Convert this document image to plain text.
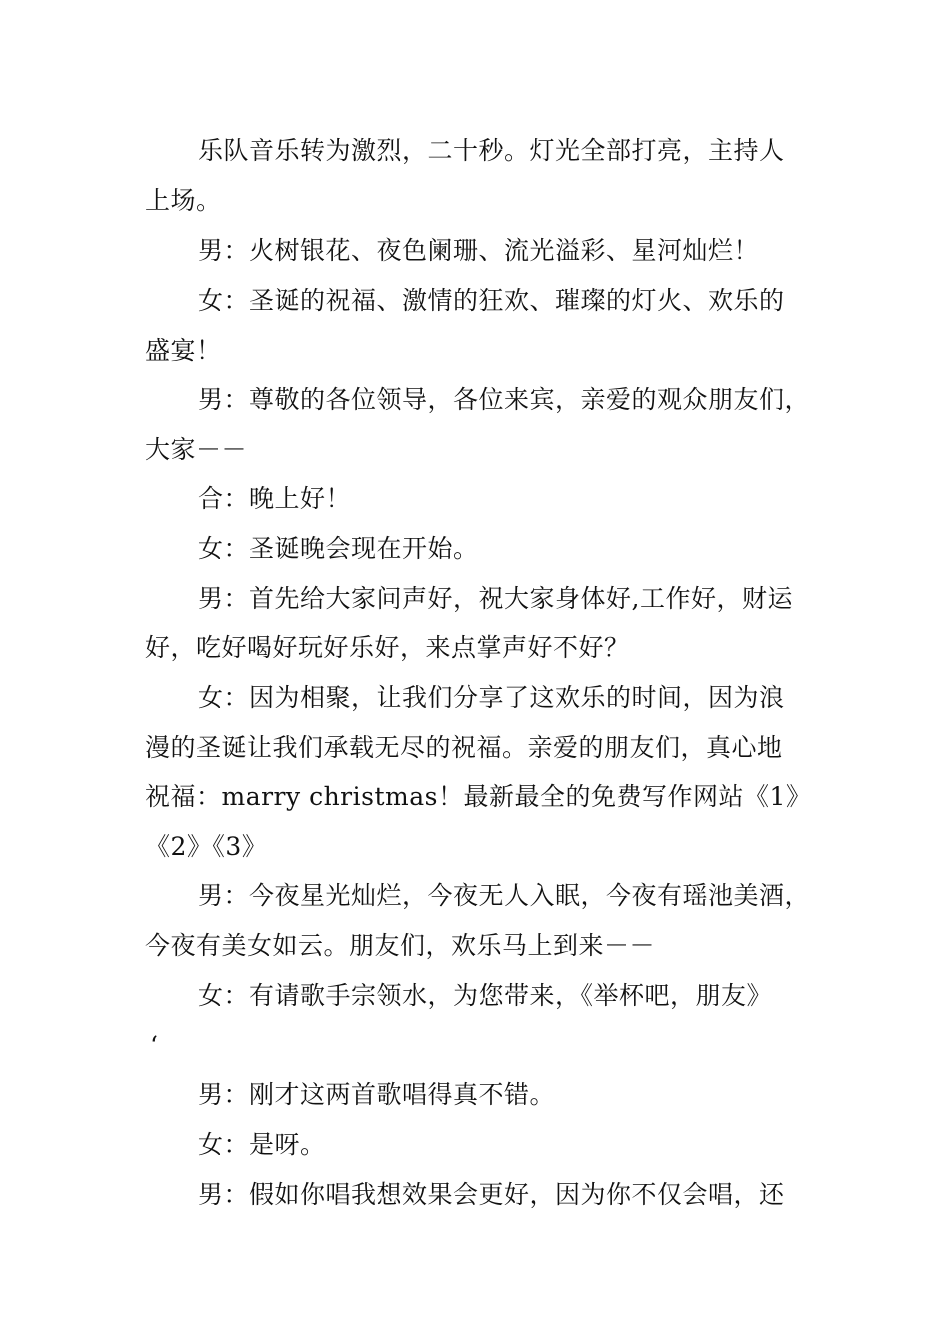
乐队音乐转为激烈，二十秒。灯光全部打亮，主持人
上场。
男：火树银花、夜色阑珊、流光溢彩、星河灿烂！
女：圣诞的祝福、激情的狂欢、璀璨的灯火、欢乐的
盛宴！
男：尊敬的各位领导，各位来宾，亲爱的观众朋友们，
大家－－
合：晚上好！
女：圣诞晚会现在开始。
男：首先给大家问声好，祝大家身体好,工作好，财运
好，吃好喝好玩好乐好，来点掌声好不好？
女：因为相聚，让我们分享了这欢乐的时间，因为浪
漫的圣诞让我们承载无尽的祝福。亲爱的朋友们，真心地
祝福：marry christmas！最新最全的免费写作网站《1》
《2》《3》
男：今夜星光灿烂，今夜无人入眠，今夜有瑶池美酒，
今夜有美女如云。朋友们，欢乐马上到来－－
女：有请歌手宗领水，为您带来，《举杯吧，朋友》
‘
男：刚才这两首歌唱得真不错。
女：是呀。
男：假如你唱我想效果会更好，因为你不仅会唱，还
